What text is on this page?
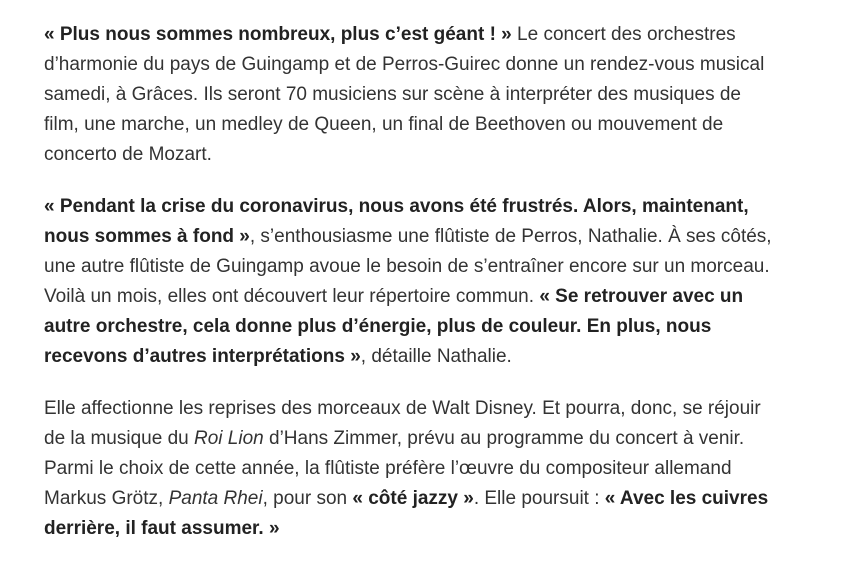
« Plus nous sommes nombreux, plus c’est géant ! » Le concert des orchestres
d’harmonie du pays de Guingamp et de Perros-Guirec donne un rendez-vous musical
samedi, à Grâces. Ils seront 70 musiciens sur scène à interpréter des musiques de
film, une marche, un medley de Queen, un final de Beethoven ou mouvement de
concerto de Mozart.

« Pendant la crise du coronavirus, nous avons été frustrés. Alors, maintenant,
nous sommes à fond », s’enthousiasme une flûtiste de Perros, Nathalie. À ses côtés,
une autre flûtiste de Guingamp avoue le besoin de s’entraîner encore sur un morceau.
Voilà un mois, elles ont découvert leur répertoire commun. « Se retrouver avec un
autre orchestre, cela donne plus d’énergie, plus de couleur. En plus, nous
recevons d’autres interprétations », détaille Nathalie.

Elle affectionne les reprises des morceaux de Walt Disney. Et pourra, donc, se réjouir
de la musique du Roi Lion d’Hans Zimmer, prévu au programme du concert à venir.
Parmi le choix de cette année, la flûtiste préfère l’œuvre du compositeur allemand
Markus Grötz, Panta Rhei, pour son « côté jazzy ». Elle poursuit : « Avec les cuivres
derrière, il faut assumer. »
